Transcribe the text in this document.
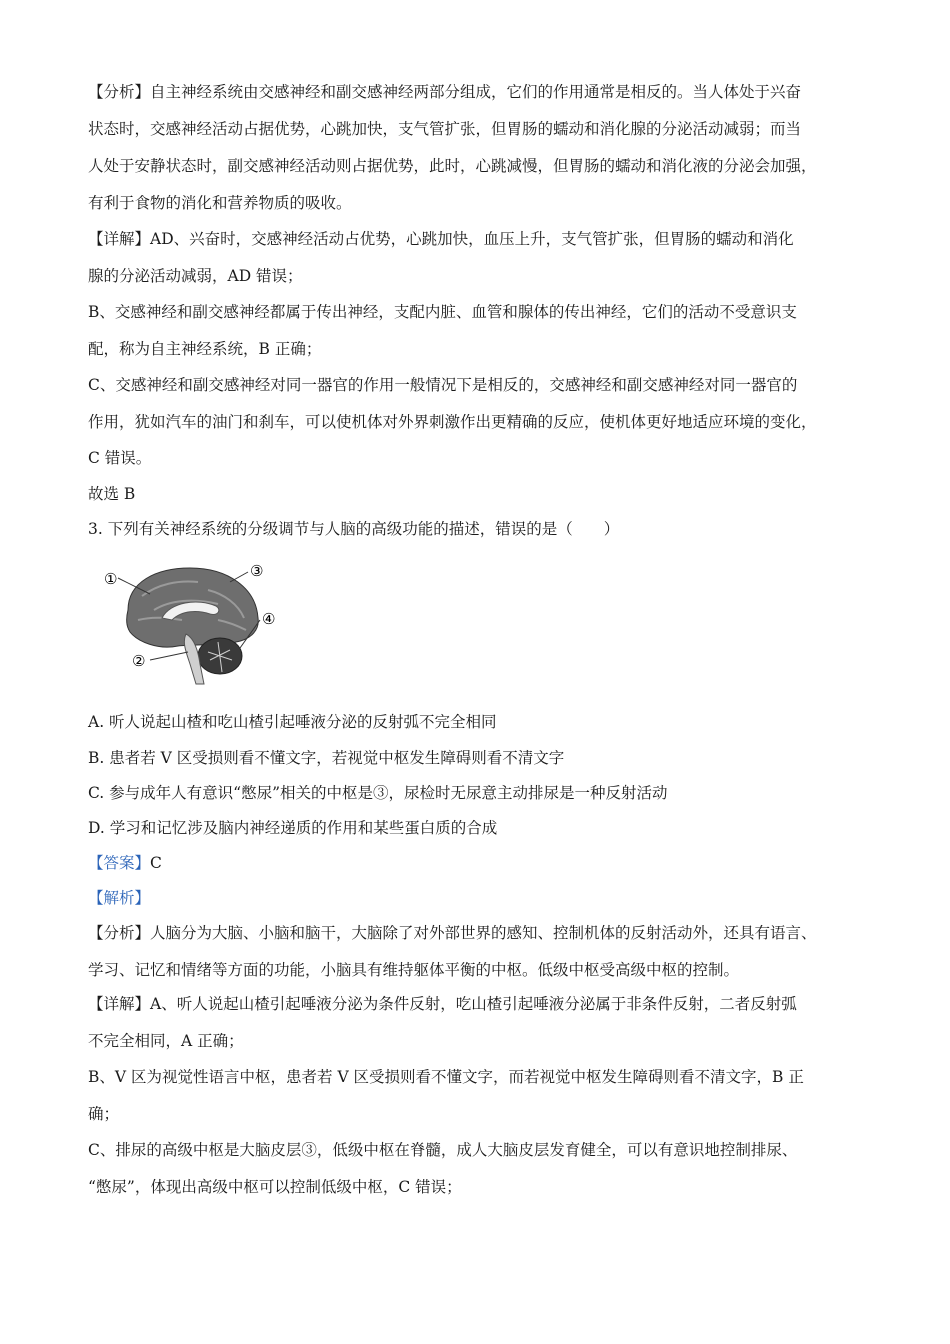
【分析】自主神经系统由交感神经和副交感神经两部分组成，它们的作用通常是相反的。当人体处于兴奋
状态时，交感神经活动占据优势，心跳加快，支气管扩张，但胃肠的蠕动和消化腺的分泌活动减弱；而当
人处于安静状态时，副交感神经活动则占据优势，此时，心跳减慢，但胃肠的蠕动和消化液的分泌会加强，
有利于食物的消化和营养物质的吸收。
【详解】AD、兴奋时，交感神经活动占优势，心跳加快，血压上升，支气管扩张，但胃肠的蠕动和消化
腺的分泌活动减弱，AD 错误；
B、交感神经和副交感神经都属于传出神经，支配内脏、血管和腺体的传出神经，它们的活动不受意识支
配，称为自主神经系统，B 正确；
C、交感神经和副交感神经对同一器官的作用一般情况下是相反的，交感神经和副交感神经对同一器官的
作用，犹如汽车的油门和刹车，可以使机体对外界刺激作出更精确的反应，使机体更好地适应环境的变化，
C 错误。
故选 B
3. 下列有关神经系统的分级调节与人脑的高级功能的描述，错误的是（　　）
①	③
④
②
A. 听人说起山楂和吃山楂引起唾液分泌的反射弧不完全相同
B. 患者若 V 区受损则看不懂文字，若视觉中枢发生障碍则看不清文字
C. 参与成年人有意识“憋尿”相关的中枢是③，尿检时无尿意主动排尿是一种反射活动
D. 学习和记忆涉及脑内神经递质的作用和某些蛋白质的合成
【答案】C
【解析】
【分析】人脑分为大脑、小脑和脑干，大脑除了对外部世界的感知、控制机体的反射活动外，还具有语言、
学习、记忆和情绪等方面的功能，小脑具有维持躯体平衡的中枢。低级中枢受高级中枢的控制。
【详解】A、听人说起山楂引起唾液分泌为条件反射，吃山楂引起唾液分泌属于非条件反射，二者反射弧
不完全相同，A 正确；
B、V 区为视觉性语言中枢，患者若 V 区受损则看不懂文字，而若视觉中枢发生障碍则看不清文字，B 正
确；
C、排尿的高级中枢是大脑皮层③，低级中枢在脊髓，成人大脑皮层发育健全，可以有意识地控制排尿、
“憋尿”，体现出高级中枢可以控制低级中枢，C 错误；
